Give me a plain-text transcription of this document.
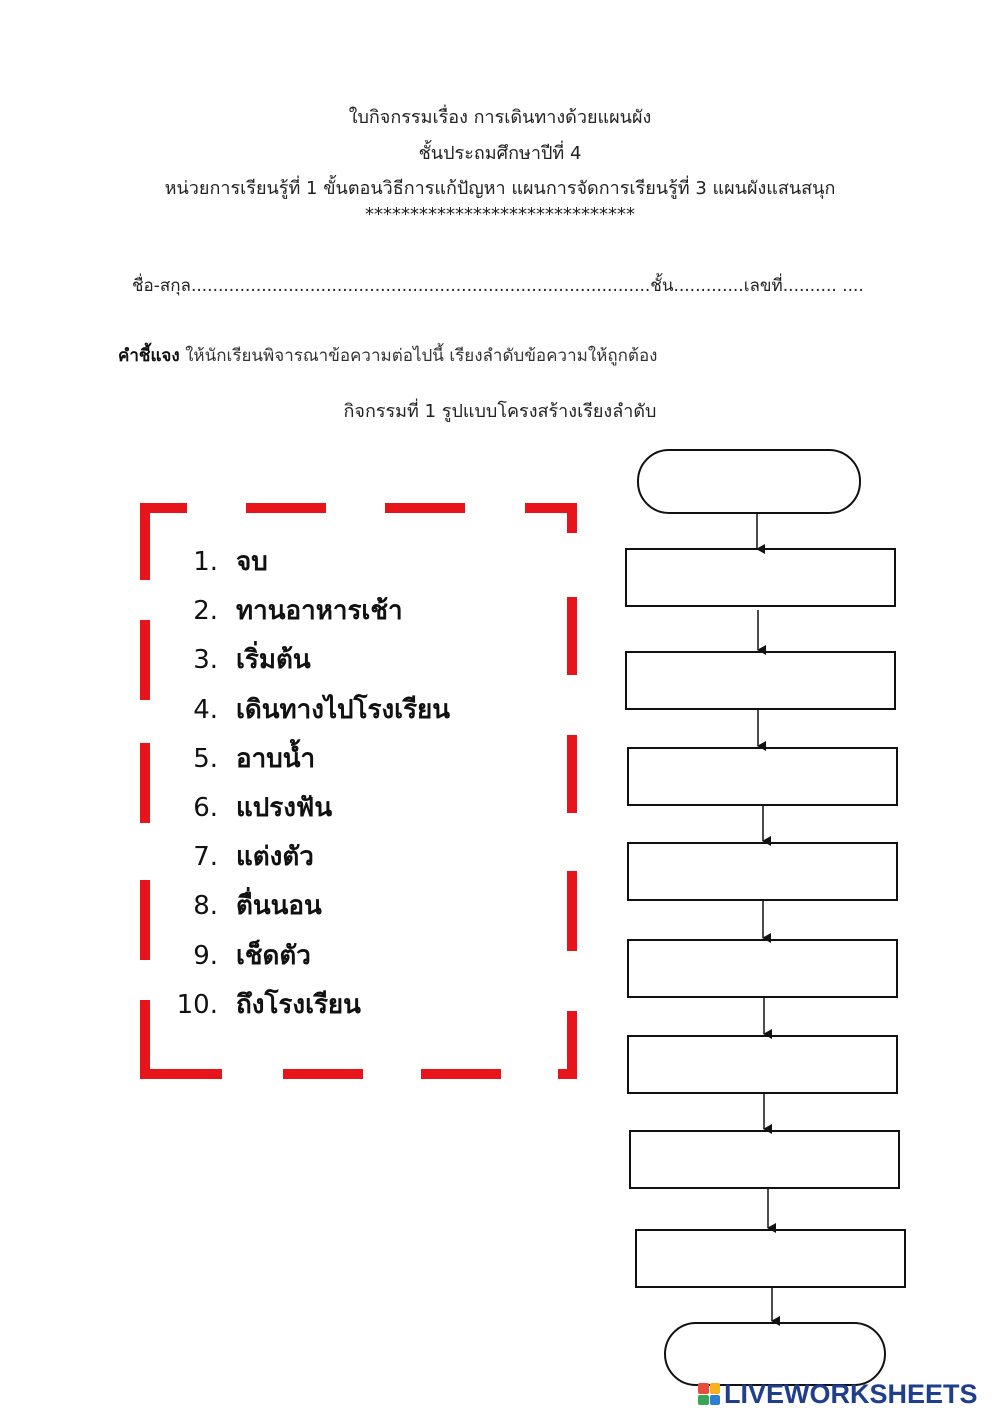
ใบกิจกรรมเรื่อง การเดินทางด้วยแผนผัง
ชั้นประถมศึกษาปีที่ 4
หน่วยการเรียนรู้ที่ 1 ขั้นตอนวิธีการแก้ปัญหา แผนการจัดการเรียนรู้ที่ 3 แผนผังแสนสนุก
******************************
ชื่อ-สกุล.....................................................................................ชั้น.............เลขที่.......... ....
คำชี้แจง ให้นักเรียนพิจารณาข้อความต่อไปนี้ เรียงลำดับข้อความให้ถูกต้อง
กิจกรรมที่ 1 รูปแบบโครงสร้างเรียงลำดับ
1. จบ
2. ทานอาหารเช้า
3. เริ่มต้น
4. เดินทางไปโรงเรียน
5. อาบน้ำ
6. แปรงฟัน
7. แต่งตัว
8. ตื่นนอน
9. เช็ดตัว
10. ถึงโรงเรียน
LIVEWORKSHEETS
